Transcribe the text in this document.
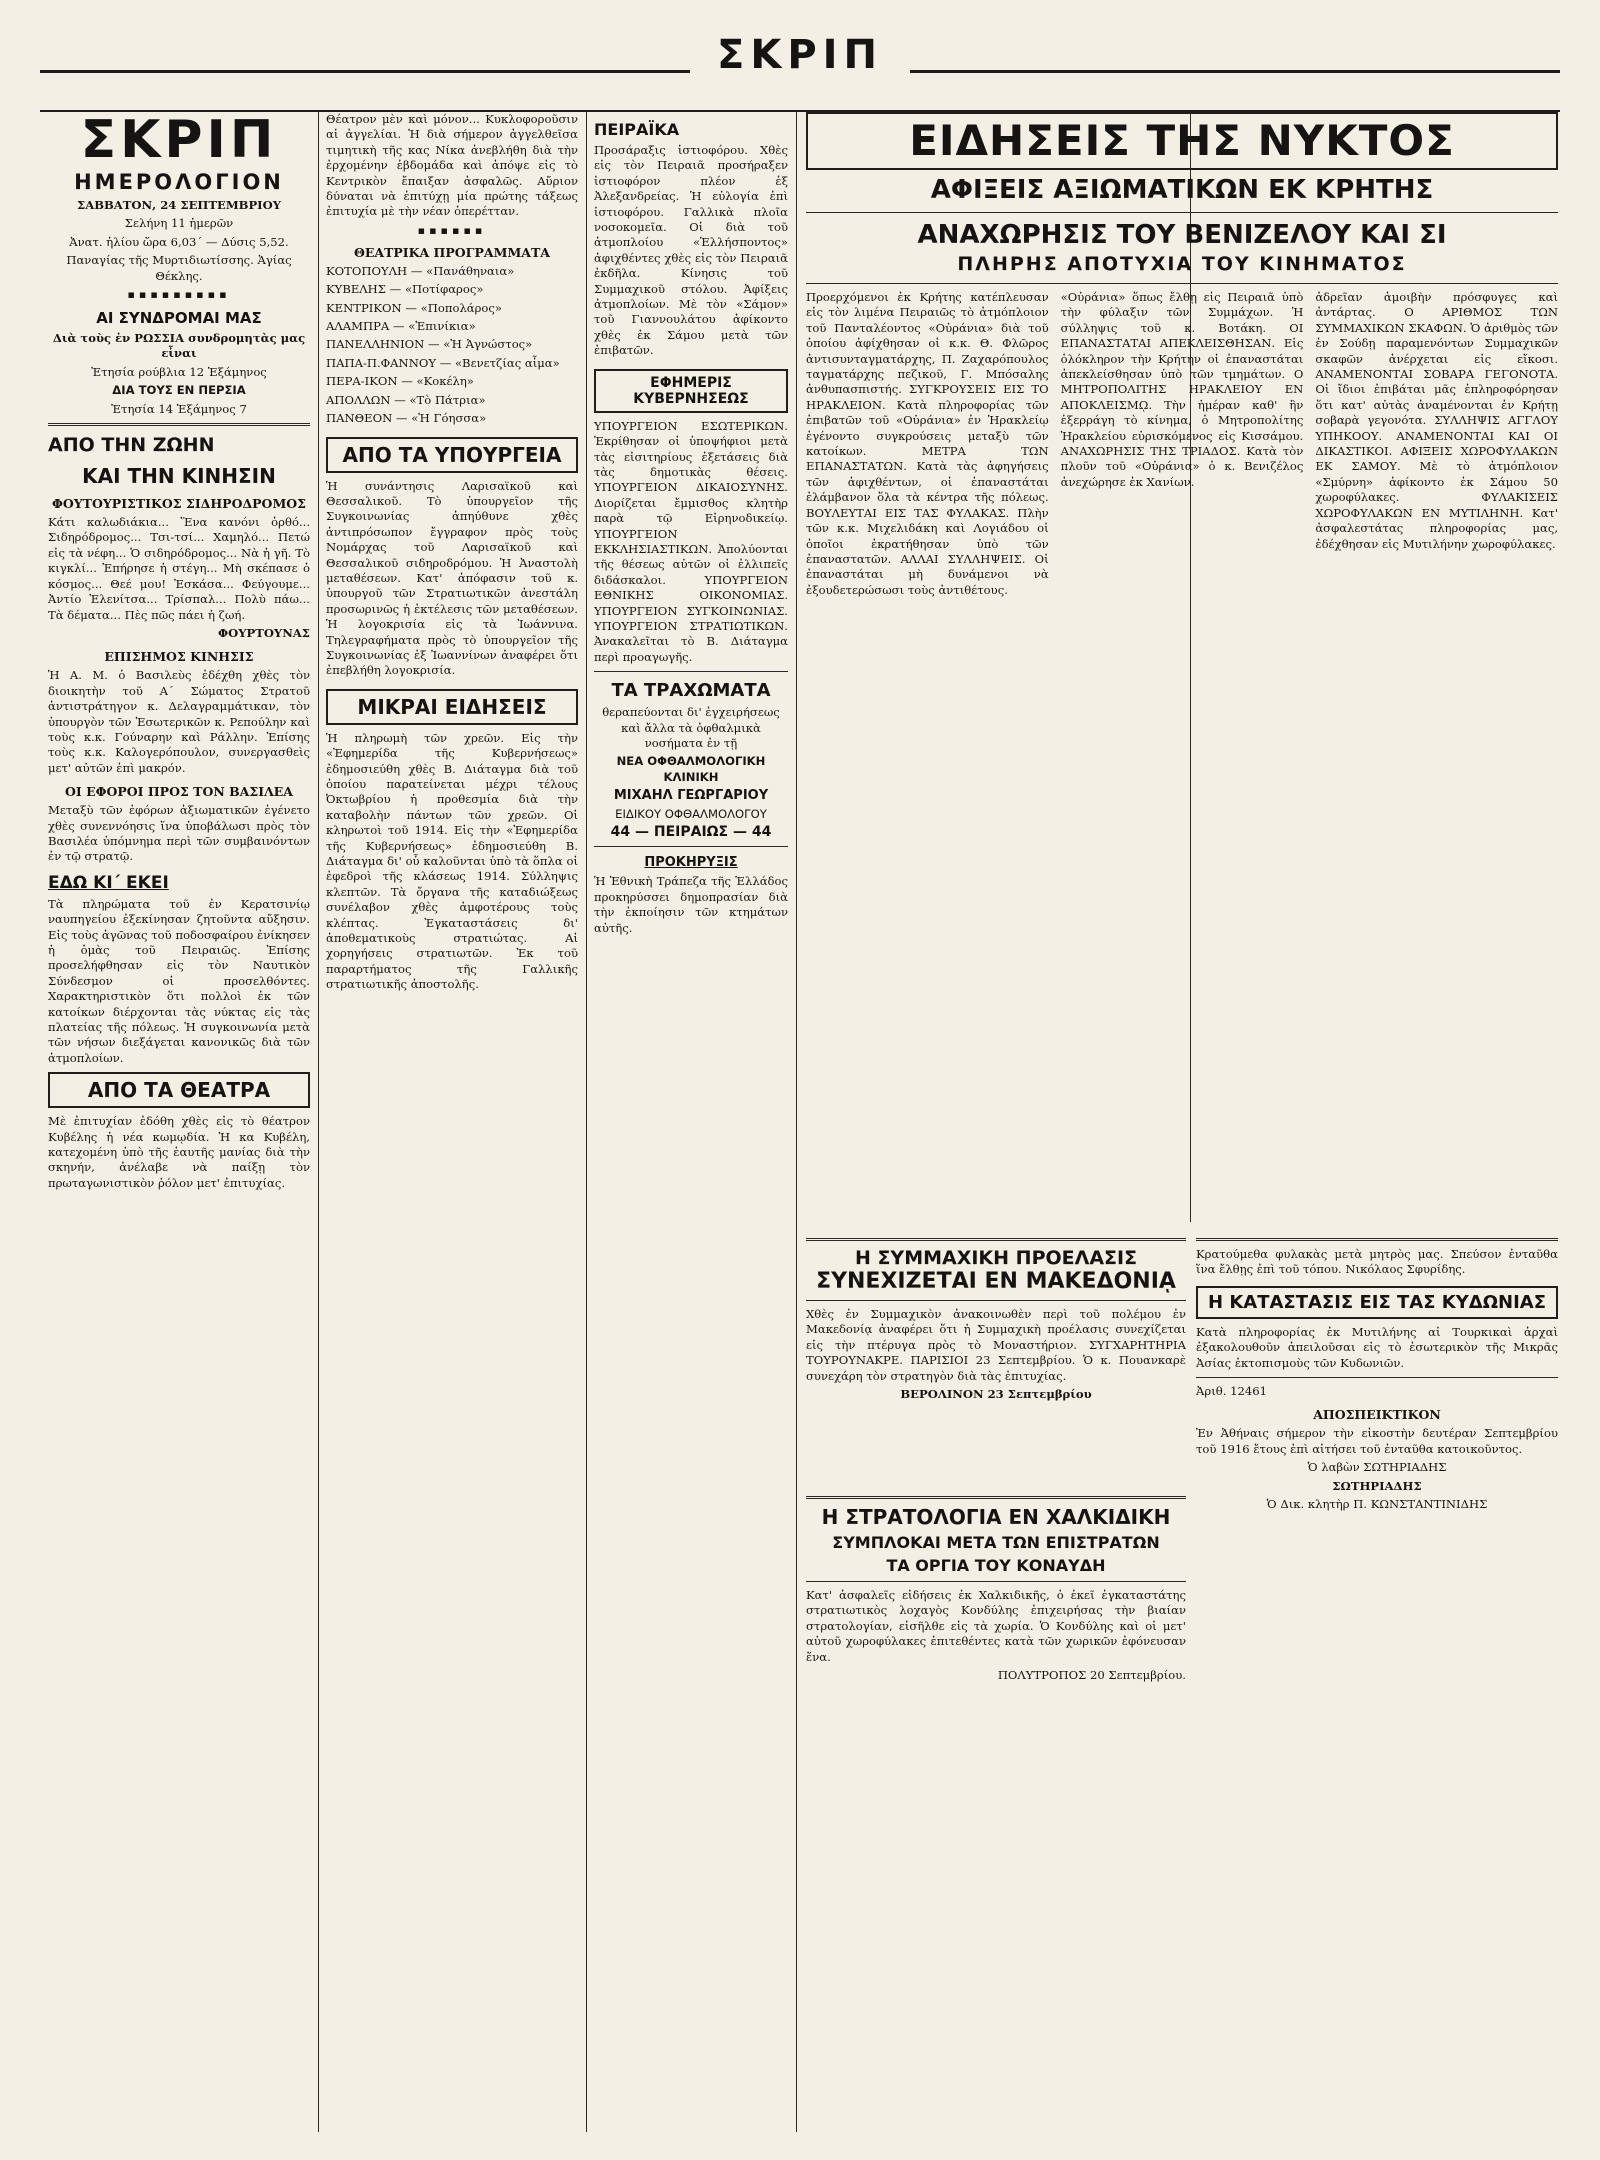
ΣΚΡΙΠ
ΣΚΡΙΠ
ΗΜΕΡΟΛΟΓΙΟΝ
ΣΑΒΒΑΤΟΝ, 24 ΣΕΠΤΕΜΒΡΙΟΥ
Σελήνη 11 ἡμερῶν
Ἀνατ. ἡλίου ὥρα 6,03΄ — Δύσις 5,52.
Παναγίας τῆς Μυρτιδιωτίσσης. Ἁγίας Θέκλης.
▪▪▪▪▪▪▪▪▪
ΑΙ ΣΥΝΔΡΟΜΑΙ ΜΑΣ
Διὰ τοὺς ἐν ΡΩΣΣΙΑ συνδρομητὰς μας εἶναι
Ἐτησία ρούβλια 12 Ἑξάμηνος
ΔΙΑ ΤΟΥΣ ΕΝ ΠΕΡΣΙΑ
Ἐτησία 14 Ἑξάμηνος 7
ΑΠΟ ΤΗΝ ΖΩΗΝ
ΚΑΙ ΤΗΝ ΚΙΝΗΣΙΝ
ΦΟΥΤΟΥΡΙΣΤΙΚΟΣ ΣΙΔΗΡΟΔΡΟΜΟΣ

Κάτι καλωδιάκια... Ἕνα κανόνι ὀρθό... Σιδηρόδρομος... Τσι-τσί... Χαμηλό... Πετώ εἰς τὰ νέφη... Ὁ σιδηρόδρομος... Νὰ ἡ γῆ. Τὸ κιγκλί... Ἐπήρησε ἡ στέγη... Μὴ σκέπασε ὁ κόσμος... Θεέ μου! Ἐσκάσα... Φεύγουμε... Ἀντίο Ἑλενίτσα... Τρίσπαλ... Πολὺ πάω... Τὰ δέματα... Πὲς πῶς πάει ἡ ζωή.

ΦΟΥΡΤΟΥΝΑΣ
ΕΠΙΣΗΜΟΣ ΚΙΝΗΣΙΣ

Ἡ Α. Μ. ὁ Βασιλεὺς ἐδέχθη χθὲς τὸν διοικητὴν τοῦ Α΄ Σώματος Στρατοῦ ἀντιστράτηγον κ. Δελαγραμμάτικαν, τὸν ὑπουργὸν τῶν Ἐσωτερικῶν κ. Ρεπούλην καὶ τοὺς κ.κ. Γούναρην καὶ Ράλλην. Ἐπίσης τοὺς κ.κ. Καλογερόπουλον, συνεργασθεὶς μετ' αὐτῶν ἐπὶ μακρόν.

ΟΙ ΕΦΟΡΟΙ ΠΡΟΣ ΤΟΝ ΒΑΣΙΛΕΑ

Μεταξὺ τῶν ἐφόρων ἀξιωματικῶν ἐγένετο χθὲς συνεννόησις ἵνα ὑποβάλωσι πρὸς τὸν Βασιλέα ὑπόμνημα περὶ τῶν συμβαινόντων ἐν τῷ στρατῷ.

ΕΔΩ ΚΙ΄ ΕΚΕΙ

Τὰ πληρώματα τοῦ ἐν Κερατσινίῳ ναυπηγείου ἐξεκίνησαν ζητοῦντα αὔξησιν. Εἰς τοὺς ἀγῶνας τοῦ ποδοσφαίρου ἐνίκησεν ἡ ὁμὰς τοῦ Πειραιῶς. Ἐπίσης προσελήφθησαν εἰς τὸν Ναυτικὸν Σύνδεσμον οἱ προσελθόντες. Χαρακτηριστικὸν ὅτι πολλοὶ ἐκ τῶν κατοίκων διέρχονται τὰς νύκτας εἰς τὰς πλατείας τῆς πόλεως. Ἡ συγκοινωνία μετὰ τῶν νήσων διεξάγεται κανονικῶς διὰ τῶν ἀτμοπλοίων.

ΑΠΟ ΤΑ ΘΕΑΤΡΑ

Μὲ ἐπιτυχίαν ἐδόθη χθὲς εἰς τὸ θέατρον Κυβέλης ἡ νέα κωμῳδία. Ἡ κα Κυβέλη, κατεχομένη ὑπὸ τῆς ἑαυτῆς μανίας διὰ τὴν σκηνήν, ἀνέλαβε νὰ παίξῃ τὸν πρωταγωνιστικὸν ῥόλον μετ' ἐπιτυχίας.

Θέατρον μὲν καὶ μόνον... Κυκλοφοροῦσιν αἱ ἀγγελίαι. Ἡ διὰ σήμερον ἀγγελθεῖσα τιμητικὴ τῆς κας Νίκα ἀνεβλήθη διὰ τὴν ἐρχομένην ἑβδομάδα καὶ ἀπόψε εἰς τὸ Κεντρικὸν ἔπαιξαν ἀσφαλῶς. Αὔριον δύναται νὰ ἐπιτύχῃ μία πρώτης τάξεως ἐπιτυχία μὲ τὴν νέαν ὀπερέτταν.

▪▪▪▪▪▪
ΘΕΑΤΡΙΚΑ ΠΡΟΓΡΑΜΜΑΤΑ
ΚΟΤΟΠΟΥΛΗ — «Πανάθηναια»
ΚΥΒΕΛΗΣ — «Ποτίφαρος»
ΚΕΝΤΡΙΚΟΝ — «Ποπολάρος»
ΑΛΑΜΠΡΑ — «Ἐπινίκια»
ΠΑΝΕΛΛΗΝΙΟΝ — «Ἡ Ἀγνώστος»
ΠΑΠΑ-Π.ΦΑΝΝΟΥ — «Βενετζίας αἷμα»
ΠΕΡΑ-ΙΚΟΝ — «Κοκέλη»
ΑΠΟΛΛΩΝ — «Τὸ Πάτρια»
ΠΑΝΘΕΟΝ — «Ἡ Γόησσα»
ΑΠΟ ΤΑ ΥΠΟΥΡΓΕΙΑ

Ἡ συνάντησις Λαρισαϊκοῦ καὶ Θεσσαλικοῦ. Τὸ ὑπουργεῖον τῆς Συγκοινωνίας ἀπηύθυνε χθὲς ἀντιπρόσωπον ἔγγραφον πρὸς τοὺς Νομάρχας τοῦ Λαρισαϊκοῦ καὶ Θεσσαλικοῦ σιδηροδρόμου. Ἡ Ἀναστολὴ μεταθέσεων. Κατ' ἀπόφασιν τοῦ κ. ὑπουργοῦ τῶν Στρατιωτικῶν ἀνεστάλη προσωρινῶς ἡ ἐκτέλεσις τῶν μεταθέσεων. Ἡ λογοκρισία εἰς τὰ Ἰωάννινα. Τηλεγραφήματα πρὸς τὸ ὑπουργεῖον τῆς Συγκοινωνίας ἐξ Ἰωαννίνων ἀναφέρει ὅτι ἐπεβλήθη λογοκρισία.

ΜΙΚΡΑΙ ΕΙΔΗΣΕΙΣ

Ἡ πληρωμὴ τῶν χρεῶν. Εἰς τὴν «Ἐφημερίδα τῆς Κυβερνήσεως» ἐδημοσιεύθη χθὲς Β. Διάταγμα διὰ τοῦ ὁποίου παρατείνεται μέχρι τέλους Ὀκτωβρίου ἡ προθεσμία διὰ τὴν καταβολὴν πάντων τῶν χρεῶν. Οἱ κληρωτοὶ τοῦ 1914. Εἰς τὴν «Ἐφημερίδα τῆς Κυβερνήσεως» ἐδημοσιεύθη Β. Διάταγμα δι' οὗ καλοῦνται ὑπὸ τὰ ὅπλα οἱ ἐφεδροὶ τῆς κλάσεως 1914. Σύλληψις κλεπτῶν. Τὰ ὄργανα τῆς καταδιώξεως συνέλαβον χθὲς ἀμφοτέρους τοὺς κλέπτας. Ἐγκαταστάσεις δι' ἀποθεματικοὺς στρατιώτας. Αἱ χορηγήσεις στρατιωτῶν. Ἐκ τοῦ παραρτήματος τῆς Γαλλικῆς στρατιωτικῆς ἀποστολῆς.

ΠΕΙΡΑΪΚΑ

Προσάραξις ἱστιοφόρου. Χθὲς εἰς τὸν Πειραιᾶ προσήραξεν ἱστιοφόρον πλέον ἐξ Ἀλεξανδρείας. Ἡ εὐλογία ἐπὶ ἱστιοφόρου. Γαλλικὰ πλοῖα νοσοκομεῖα. Οἱ διὰ τοῦ ἀτμοπλοίου «Ἑλλήσποντος» ἀφιχθέντες χθὲς εἰς τὸν Πειραιᾶ ἐκδῆλα. Κίνησις τοῦ Συμμαχικοῦ στόλου. Ἀφίξεις ἀτμοπλοίων. Μὲ τὸν «Σάμον» τοῦ Γιαννουλάτου ἀφίκοντο χθὲς ἐκ Σάμου μετὰ τῶν ἐπιβατῶν.

ΕΦΗΜΕΡΙΣ ΚΥΒΕΡΝΗΣΕΩΣ

ΥΠΟΥΡΓΕΙΟΝ ΕΣΩΤΕΡΙΚΩΝ. Ἐκρίθησαν οἱ ὑποψήφιοι μετὰ τὰς εἰσιτηρίους ἐξετάσεις διὰ τὰς δημοτικὰς θέσεις. ΥΠΟΥΡΓΕΙΟΝ ΔΙΚΑΙΟΣΥΝΗΣ. Διορίζεται ἔμμισθος κλητὴρ παρὰ τῷ Εἰρηνοδικείῳ. ΥΠΟΥΡΓΕΙΟΝ ΕΚΚΛΗΣΙΑΣΤΙΚΩΝ. Ἀπολύονται τῆς θέσεως αὐτῶν οἱ ἐλλιπεῖς διδάσκαλοι. ΥΠΟΥΡΓΕΙΟΝ ΕΘΝΙΚΗΣ ΟΙΚΟΝΟΜΙΑΣ. ΥΠΟΥΡΓΕΙΟΝ ΣΥΓΚΟΙΝΩΝΙΑΣ. ΥΠΟΥΡΓΕΙΟΝ ΣΤΡΑΤΙΩΤΙΚΩΝ. Ἀνακαλεῖται τὸ Β. Διάταγμα περὶ προαγωγῆς.

ΤΑ ΤΡΑΧΩΜΑΤΑ

θεραπεύονται δι' ἐγχειρήσεως καὶ ἄλλα τὰ ὀφθαλμικὰ νοσήματα ἐν τῇ

ΝΕΑ ΟΦΘΑΛΜΟΛΟΓΙΚΗ ΚΛΙΝΙΚΗ
ΜΙΧΑΗΛ ΓΕΩΡΓΑΡΙΟΥ
ΕΙΔΙΚΟΥ ΟΦΘΑΛΜΟΛΟΓΟΥ
44 — ΠΕΙΡΑΙΩΣ — 44
ΠΡΟΚΗΡΥΞΙΣ

Ἡ Ἐθνικὴ Τράπεζα τῆς Ἑλλάδος προκηρύσσει δημοπρασίαν διὰ τὴν ἐκποίησιν τῶν κτημάτων αὐτῆς.

ΕΙΔΗΣΕΙΣ ΤΗΣ ΝΥΚΤΟΣ
ΑΦΙΞΕΙΣ ΑΞΙΩΜΑΤΙΚΩΝ ΕΚ ΚΡΗΤΗΣ
ΑΝΑΧΩΡΗΣΙΣ ΤΟΥ ΒΕΝΙΖΕΛΟΥ ΚΑΙ ΣΙ
ΠΛΗΡΗΣ ΑΠΟΤΥΧΙΑ ΤΟΥ ΚΙΝΗΜΑΤΟΣ

Προερχόμενοι ἐκ Κρήτης κατέπλευσαν εἰς τὸν λιμένα Πειραιῶς τὸ ἀτμόπλοιον τοῦ Πανταλέοντος «Οὐράνια» διὰ τοῦ ὁποίου ἀφίχθησαν οἱ κ.κ. Θ. Φλῶρος ἀντισυνταγματάρχης, Π. Ζαχαρόπουλος ταγματάρχης πεζικοῦ, Γ. Μπόσαλης ἀνθυπασπιστής. ΣΥΓΚΡΟΥΣΕΙΣ ΕΙΣ ΤΟ ΗΡΑΚΛΕΙΟΝ. Κατὰ πληροφορίας τῶν ἐπιβατῶν τοῦ «Οὐράνια» ἐν Ἡρακλείῳ ἐγένοντο συγκρούσεις μεταξὺ τῶν κατοίκων. ΜΕΤΡΑ ΤΩΝ ΕΠΑΝΑΣΤΑΤΩΝ. Κατὰ τὰς ἀφηγήσεις τῶν ἀφιχθέντων, οἱ ἐπαναστάται ἐλάμβανον ὅλα τὰ κέντρα τῆς πόλεως. ΒΟΥΛΕΥΤΑΙ ΕΙΣ ΤΑΣ ΦΥΛΑΚΑΣ. Πλὴν τῶν κ.κ. Μιχελιδάκη καὶ Λογιάδου οἱ ὁποῖοι ἐκρατήθησαν ὑπὸ τῶν ἐπαναστατῶν. ΑΛΛΑΙ ΣΥΛΛΗΨΕΙΣ. Οἱ ἐπαναστάται μὴ δυνάμενοι νὰ ἐξουδετερώσωσι τοὺς ἀντιθέτους.

«Οὐράνια» ὅπως ἔλθῃ εἰς Πειραιᾶ ὑπὸ τὴν φύλαξιν τῶν Συμμάχων. Ἡ σύλληψις τοῦ κ. Βοτάκη. ΟΙ ΕΠΑΝΑΣΤΑΤΑΙ ΑΠΕΚΛΕΙΣΘΗΣΑΝ. Εἰς ὁλόκληρον τὴν Κρήτην οἱ ἐπαναστάται ἀπεκλείσθησαν ὑπὸ τῶν τμημάτων. Ο ΜΗΤΡΟΠΟΛΙΤΗΣ ΗΡΑΚΛΕΙΟΥ ΕΝ ΑΠΟΚΛΕΙΣΜῼ. Τὴν ἡμέραν καθ' ἣν ἐξερράγη τὸ κίνημα, ὁ Μητροπολίτης Ἡρακλείου εὑρισκόμενος εἰς Κισσάμου. ΑΝΑΧΩΡΗΣΙΣ ΤΗΣ ΤΡΙΑΔΟΣ. Κατὰ τὸν πλοῦν τοῦ «Οὐράνια» ὁ κ. Βενιζέλος ἀνεχώρησε ἐκ Χανίων.

ἀδρεῖαν ἀμοιβὴν πρόσφυγες καὶ ἀντάρτας. Ο ΑΡΙΘΜΟΣ ΤΩΝ ΣΥΜΜΑΧΙΚΩΝ ΣΚΑΦΩΝ. Ὁ ἀριθμὸς τῶν ἐν Σούδῃ παραμενόντων Συμμαχικῶν σκαφῶν ἀνέρχεται εἰς εἴκοσι. ΑΝΑΜΕΝΟΝΤΑΙ ΣΟΒΑΡΑ ΓΕΓΟΝΟΤΑ. Οἱ ἴδιοι ἐπιβάται μᾶς ἐπληροφόρησαν ὅτι κατ' αὐτὰς ἀναμένονται ἐν Κρήτῃ σοβαρὰ γεγονότα. ΣΥΛΛΗΨΙΣ ΑΓΓΛΟΥ ΥΠΗΚΟΟΥ. ΑΝΑΜΕΝΟΝΤΑΙ ΚΑΙ ΟΙ ΔΙΚΑΣΤΙΚΟΙ. ΑΦΙΞΕΙΣ ΧΩΡΟΦΥΛΑΚΩΝ ΕΚ ΣΑΜΟΥ. Μὲ τὸ ἀτμόπλοιον «Σμύρνη» ἀφίκοντο ἐκ Σάμου 50 χωροφύλακες. ΦΥΛΑΚΙΣΕΙΣ ΧΩΡΟΦΥΛΑΚΩΝ ΕΝ ΜΥΤΙΛΗΝΗ. Κατ' ἀσφαλεστάτας πληροφορίας μας, ἐδέχθησαν εἰς Μυτιλήνην χωροφύλακες.

Η ΣΥΜΜΑΧΙΚΗ ΠΡΟΕΛΑΣΙΣ
ΣΥΝΕΧΙΖΕΤΑΙ ΕΝ ΜΑΚΕΔΟΝΙᾼ

Χθὲς ἐν Συμμαχικὸν ἀνακοινωθὲν περὶ τοῦ πολέμου ἐν Μακεδονίᾳ ἀναφέρει ὅτι ἡ Συμμαχικὴ προέλασις συνεχίζεται εἰς τὴν πτέρυγα πρὸς τὸ Μοναστήριον. ΣΥΓΧΑΡΗΤΗΡΙΑ ΤΟΥΡΟΥΝΑΚΡΕ. ΠΑΡΙΣΙΟΙ 23 Σεπτεμβρίου. Ὁ κ. Πουανκαρὲ συνεχάρη τὸν στρατηγὸν διὰ τὰς ἐπιτυχίας.

ΒΕΡΟΛΙΝΟΝ 23 Σεπτεμβρίου
Η ΣΤΡΑΤΟΛΟΓΙΑ ΕΝ ΧΑΛΚΙΔΙΚΗ
ΣΥΜΠΛΟΚΑΙ ΜΕΤΑ ΤΩΝ ΕΠΙΣΤΡΑΤΩΝ
ΤΑ ΟΡΓΙΑ ΤΟΥ ΚΟΝΑΥΔΗ

Κατ' ἀσφαλεῖς εἰδήσεις ἐκ Χαλκιδικῆς, ὁ ἐκεῖ ἐγκαταστάτης στρατιωτικὸς λοχαγὸς Κονδύλης ἐπιχειρήσας τὴν βιαίαν στρατολογίαν, εἰσῆλθε εἰς τὰ χωρία. Ὁ Κονδύλης καὶ οἱ μετ' αὐτοῦ χωροφύλακες ἐπιτεθέντες κατὰ τῶν χωρικῶν ἐφόνευσαν ἕνα.

ΠΟΛΥΤΡΟΠΟΣ 20 Σεπτεμβρίου.

Κρατούμεθα φυλακὰς μετὰ μητρὸς μας. Σπεύσον ἐνταῦθα ἵνα ἔλθῃς ἐπὶ τοῦ τόπου. Νικόλαος Σφυρίδης.

Η ΚΑΤΑΣΤΑΣΙΣ ΕΙΣ ΤΑΣ ΚΥΔΩΝΙΑΣ

Κατὰ πληροφορίας ἐκ Μυτιλήνης αἱ Τουρκικαὶ ἀρχαὶ ἐξακολουθοῦν ἀπειλοῦσαι εἰς τὸ ἐσωτερικὸν τῆς Μικρᾶς Ἀσίας ἐκτοπισμοὺς τῶν Κυδωνιῶν.

Ἀριθ. 12461
ΑΠΟΣΠΕΙΚΤΙΚΟΝ

Ἐν Ἀθήναις σήμερον τὴν εἰκοστὴν δευτέραν Σεπτεμβρίου τοῦ 1916 ἔτους ἐπὶ αἰτήσει τοῦ ἐνταῦθα κατοικοῦντος.

Ὁ λαβὼν ΣΩΤΗΡΙΑΔΗΣ
ΣΩΤΗΡΙΑΔΗΣ
Ὁ Δικ. κλητὴρ Π. ΚΩΝΣΤΑΝΤΙΝΙΔΗΣ
